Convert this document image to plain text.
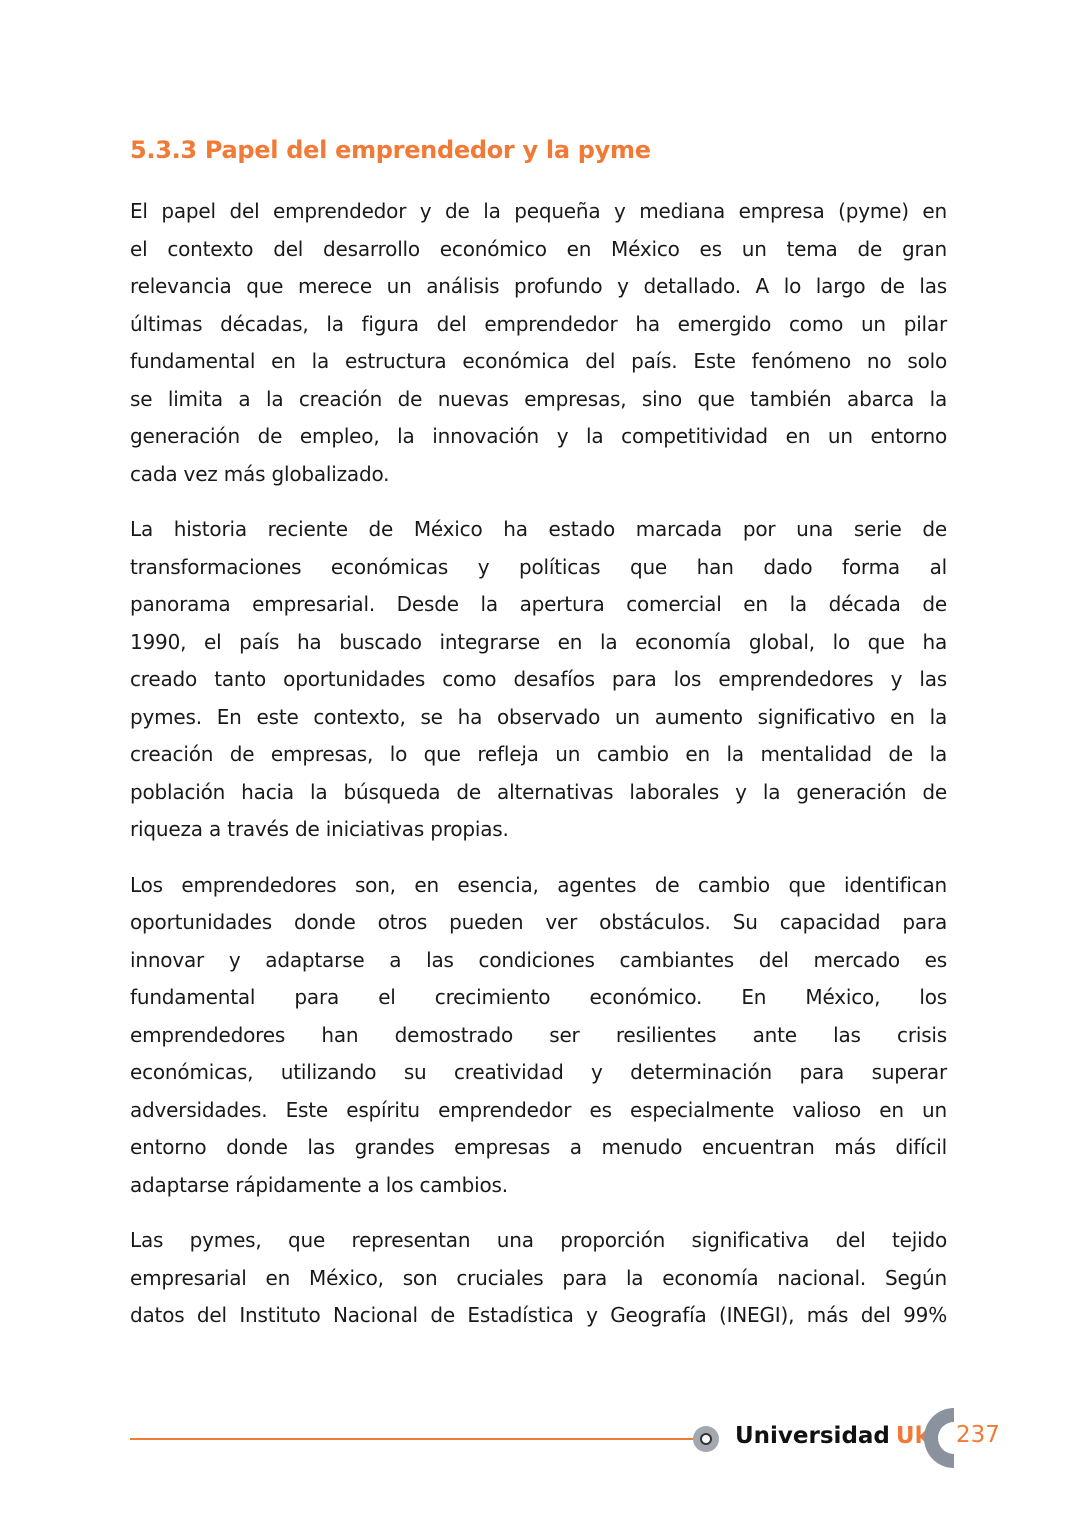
5.3.3 Papel del emprendedor y la pyme

El papel del emprendedor y de la pequeña y mediana empresa (pyme) en
el contexto del desarrollo económico en México es un tema de gran
relevancia que merece un análisis profundo y detallado. A lo largo de las
últimas décadas, la figura del emprendedor ha emergido como un pilar
fundamental en la estructura económica del país. Este fenómeno no solo
se limita a la creación de nuevas empresas, sino que también abarca la
generación de empleo, la innovación y la competitividad en un entorno
cada vez más globalizado.

La historia reciente de México ha estado marcada por una serie de
transformaciones económicas y políticas que han dado forma al
panorama empresarial. Desde la apertura comercial en la década de
1990, el país ha buscado integrarse en la economía global, lo que ha
creado tanto oportunidades como desafíos para los emprendedores y las
pymes. En este contexto, se ha observado un aumento significativo en la
creación de empresas, lo que refleja un cambio en la mentalidad de la
población hacia la búsqueda de alternativas laborales y la generación de
riqueza a través de iniciativas propias.

Los emprendedores son, en esencia, agentes de cambio que identifican
oportunidades donde otros pueden ver obstáculos. Su capacidad para
innovar y adaptarse a las condiciones cambiantes del mercado es
fundamental para el crecimiento económico. En México, los
emprendedores han demostrado ser resilientes ante las crisis
económicas, utilizando su creatividad y determinación para superar
adversidades. Este espíritu emprendedor es especialmente valioso en un
entorno donde las grandes empresas a menudo encuentran más difícil
adaptarse rápidamente a los cambios.

Las pymes, que representan una proporción significativa del tejido
empresarial en México, son cruciales para la economía nacional. Según
datos del Instituto Nacional de Estadística y Geografía (INEGI), más del 99%

Universidad Uk 237
